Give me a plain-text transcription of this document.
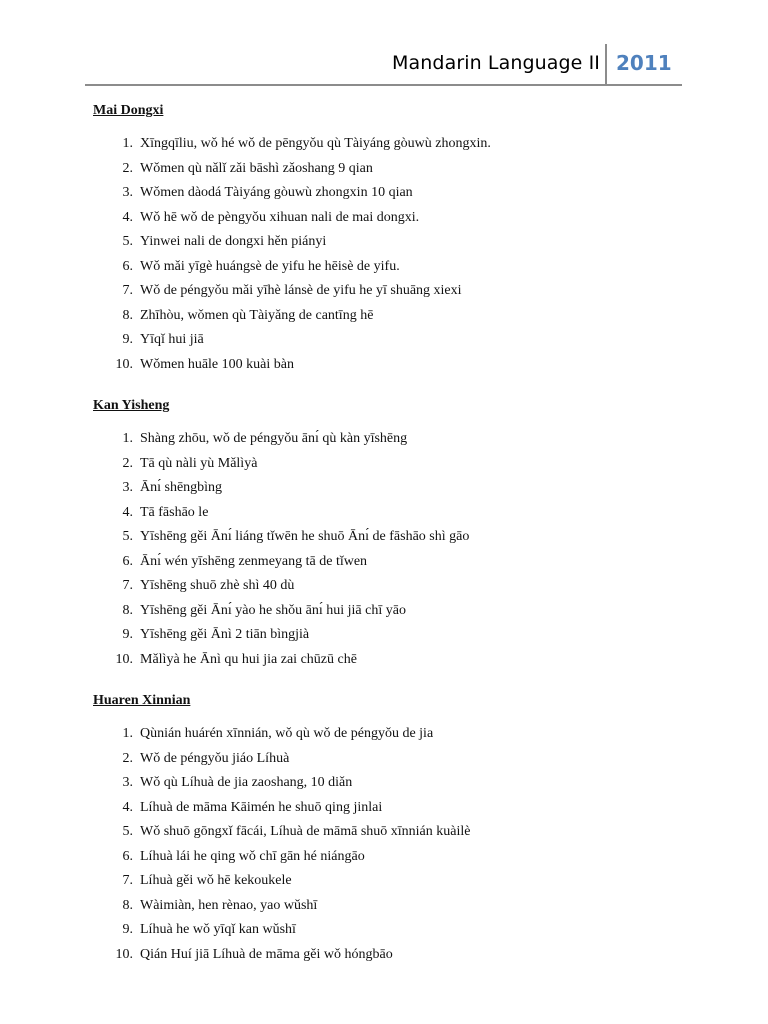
Mandarin Language II 2011
Mai Dongxi
1. Xīngqīliu, wǒ hé wǒ de pēngyǒu qù Tàiyáng gòuwù zhongxin.
2. Wǒmen qù nǎlǐ zǎi bāshì zǎoshang 9 qian
3. Wǒmen dàodá Tàiyáng gòuwù zhongxin 10 qian
4. Wǒ hē wǒ de pèngyǒu xihuan nali de mai dongxi.
5. Yinwei nali de dongxi hěn piányi
6. Wǒ mǎi yīgè huángsè de yifu he hēisè de yifu.
7. Wǒ de péngyǒu mǎi yīhè lánsè de yifu he yī shuāng xiexi
8. Zhīhòu, wǒmen qù Tàiyǎng de cantīng hē
9. Yīqǐ hui jiā
10. Wǒmen huāle 100 kuài bàn
Kan Yisheng
1. Shàng zhōu, wǒ de péngyǒu ānı́ qù kàn yīshēng
2. Tā qù nàli yù Mǎlìyà
3. Ānı́ shēngbìng
4. Tā fāshāo le
5. Yīshēng gěi Ānı́ liáng tǐwēn he shuō Ānı́ de fāshāo shì gāo
6. Ānı́ wén yīshēng zenmeyang tā de tǐwen
7. Yīshēng shuō zhè shì 40 dù
8. Yīshēng gěi Ānı́ yào he shǒu ānı́ hui jiā chī yāo
9. Yīshēng gěi Ānì 2 tiān bìngjià
10. Mǎlìyà he Ānì qu hui jia zai chūzū chē
Huaren Xinnian
1. Qùnián huárén xīnnián, wǒ qù wǒ de péngyǒu de jia
2. Wǒ de péngyǒu jiáo Líhuà
3. Wǒ qù Líhuà de jia zaoshang, 10 diǎn
4. Líhuà de māma Kāimén he shuō qing jinlai
5. Wǒ shuō gōngxǐ fācái, Líhuà de māmā shuō xīnnián kuàilè
6. Líhuà lái he qing wǒ chī gān hé niángāo
7. Líhuà gěi wǒ hē kekoukele
8. Wàimiàn, hen rènao, yao wǔshī
9. Líhuà he wǒ yīqǐ kan wǔshī
10. Qián Huí jiā Líhuà de māma gěi wǒ hóngbāo
